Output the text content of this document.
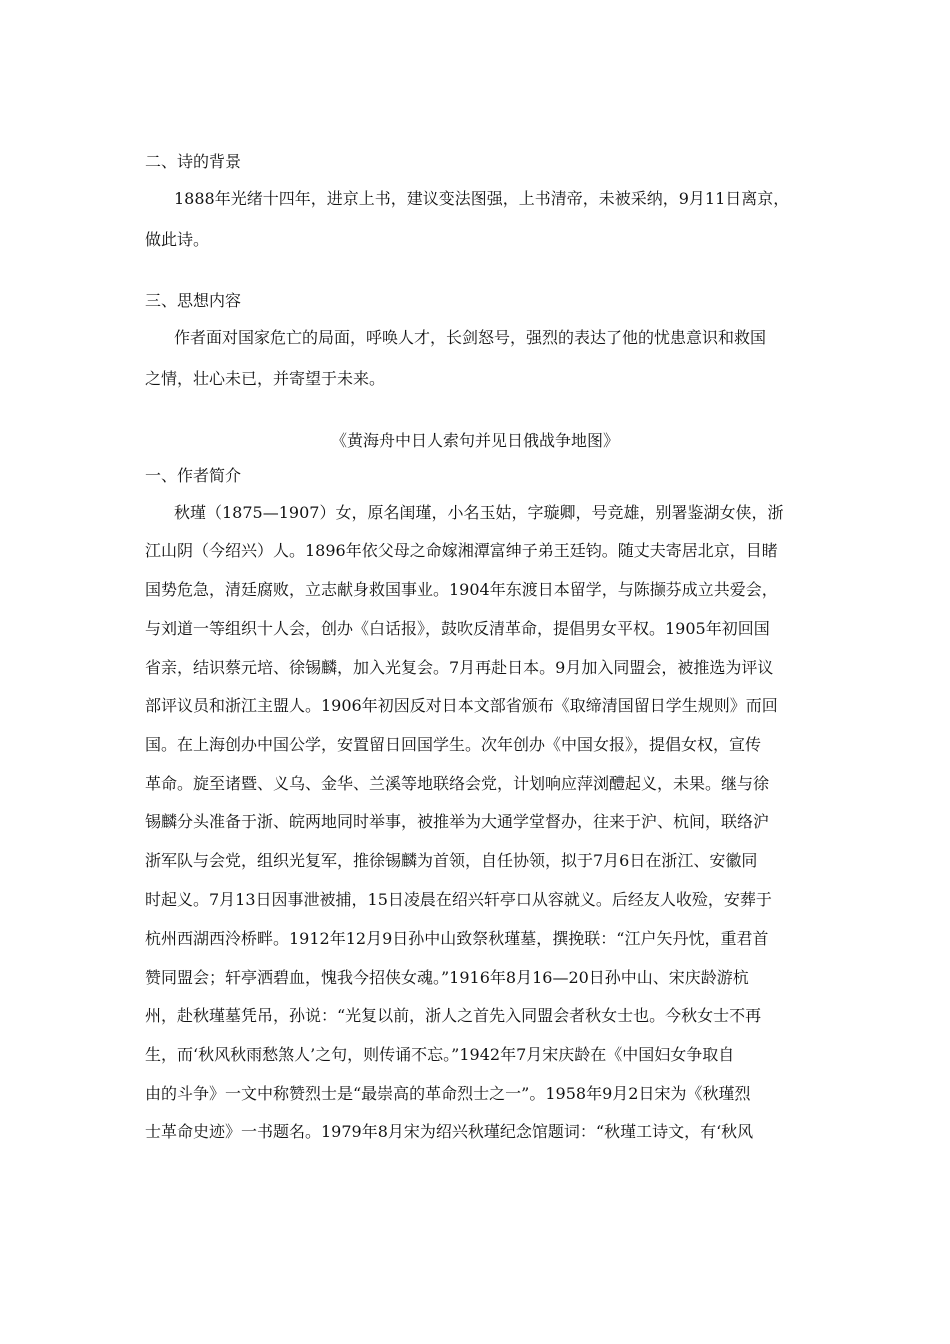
二、诗的背景
1888年光绪十四年，进京上书，建议变法图强，上书清帝，未被采纳，9月11日离京，
做此诗。
三、思想内容
作者面对国家危亡的局面，呼唤人才，长剑怒号，强烈的表达了他的忧患意识和救国
之情，壮心未已，并寄望于未来。
《黄海舟中日人索句并见日俄战争地图》
一、作者简介
秋瑾（1875—1907）女，原名闺瑾，小名玉姑，字璇卿，号竞雄，别署鉴湖女侠，浙
江山阴（今绍兴）人。1896年依父母之命嫁湘潭富绅子弟王廷钧。随丈夫寄居北京，目睹
国势危急，清廷腐败，立志献身救国事业。1904年东渡日本留学，与陈撷芬成立共爱会，
与刘道一等组织十人会，创办《白话报》，鼓吹反清革命，提倡男女平权。1905年初回国
省亲，结识蔡元培、徐锡麟，加入光复会。7月再赴日本。9月加入同盟会，被推选为评议
部评议员和浙江主盟人。1906年初因反对日本文部省颁布《取缔清国留日学生规则》而回
国。在上海创办中国公学，安置留日回国学生。次年创办《中国女报》，提倡女权，宣传
革命。旋至诸暨、义乌、金华、兰溪等地联络会党，计划响应萍浏醴起义，未果。继与徐
锡麟分头准备于浙、皖两地同时举事，被推举为大通学堂督办，往来于沪、杭间，联络沪
浙军队与会党，组织光复军，推徐锡麟为首领，自任协领，拟于7月6日在浙江、安徽同
时起义。7月13日因事泄被捕，15日凌晨在绍兴轩亭口从容就义。后经友人收殓，安葬于
杭州西湖西泠桥畔。1912年12月9日孙中山致祭秋瑾墓，撰挽联：“江户矢丹忱，重君首
赞同盟会；轩亭洒碧血，愧我今招侠女魂。”1916年8月16—20日孙中山、宋庆龄游杭
州，赴秋瑾墓凭吊，孙说：“光复以前，浙人之首先入同盟会者秋女士也。今秋女士不再
生，而‘秋风秋雨愁煞人’之句，则传诵不忘。”1942年7月宋庆龄在《中国妇女争取自
由的斗争》一文中称赞烈士是“最崇高的革命烈士之一”。1958年9月2日宋为《秋瑾烈
士革命史迹》一书题名。1979年8月宋为绍兴秋瑾纪念馆题词：“秋瑾工诗文，有‘秋风
